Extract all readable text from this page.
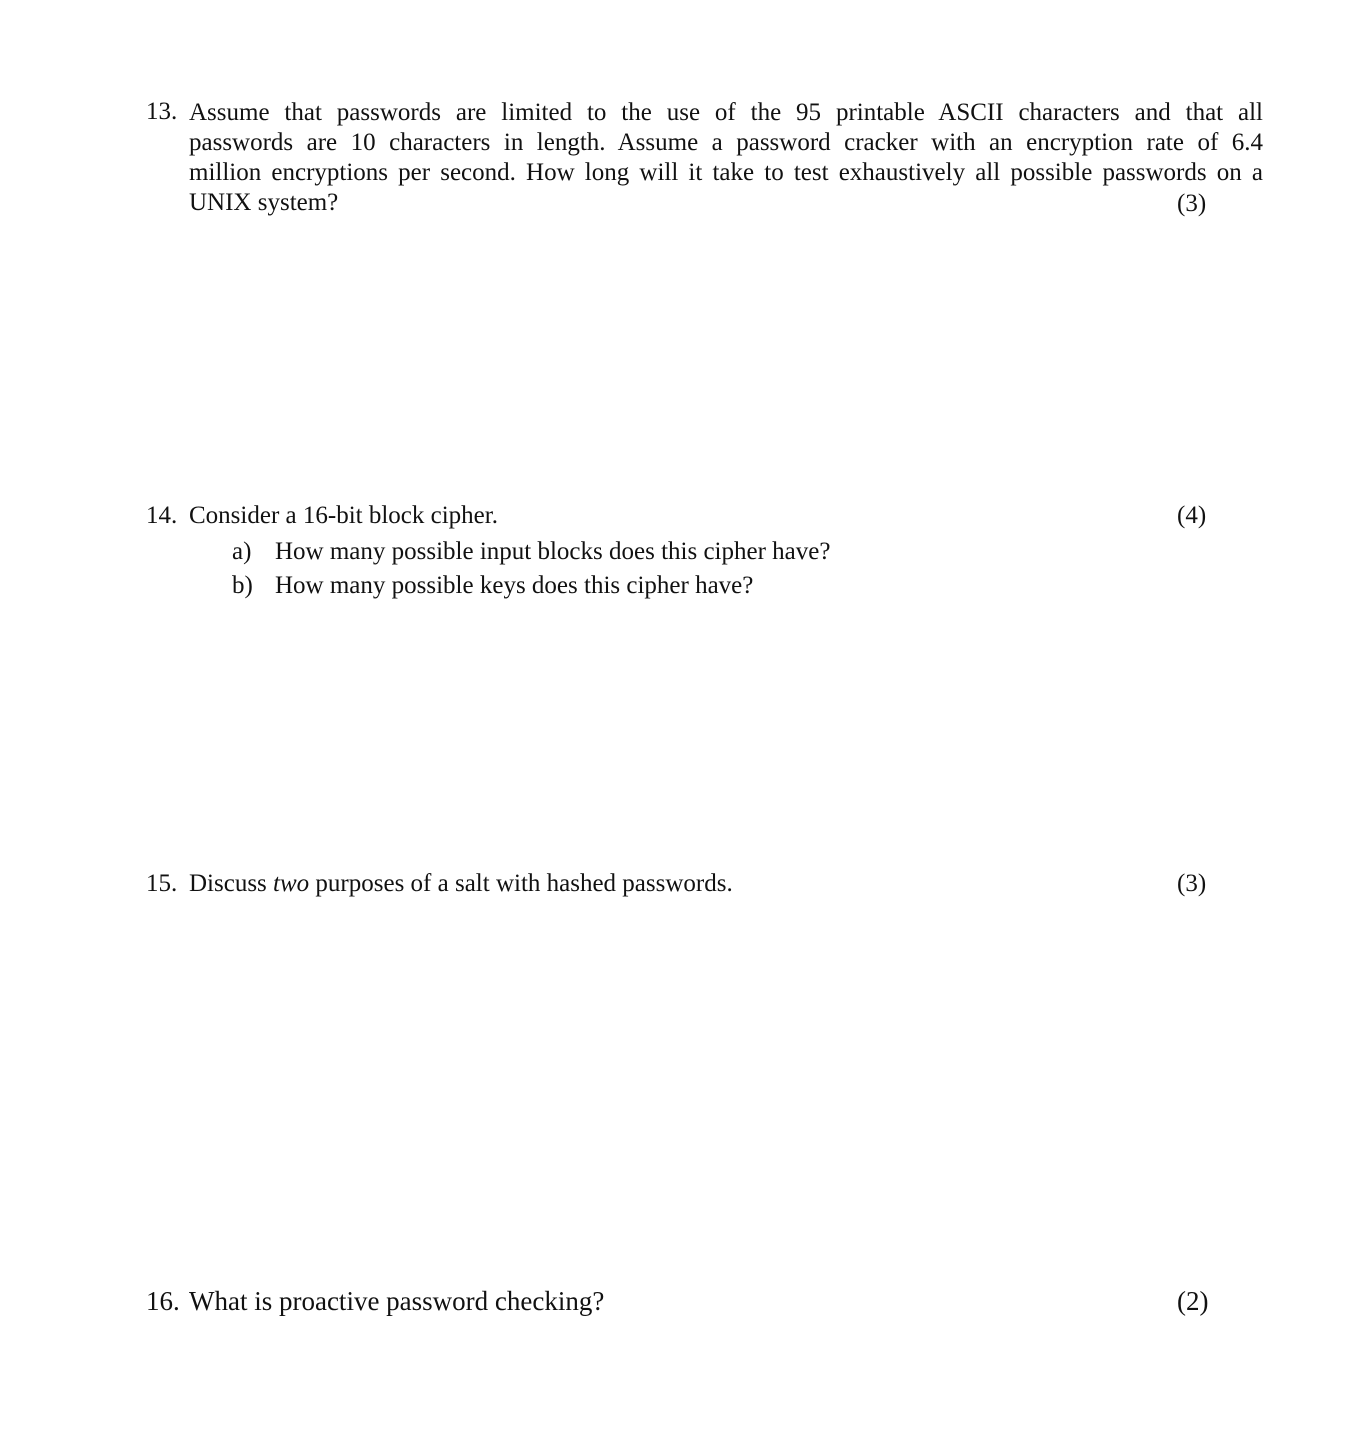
13. Assume that passwords are limited to the use of the 95 printable ASCII characters and that all
passwords are 10 characters in length. Assume a password cracker with an encryption rate of 6.4
million encryptions per second. How long will it take to test exhaustively all possible passwords on a
UNIX system?	(3)
14. Consider a 16-bit block cipher.	(4)
a) How many possible input blocks does this cipher have?
b) How many possible keys does this cipher have?
15. Discuss two purposes of a salt with hashed passwords.	(3)
16. What is proactive password checking?	(2)
